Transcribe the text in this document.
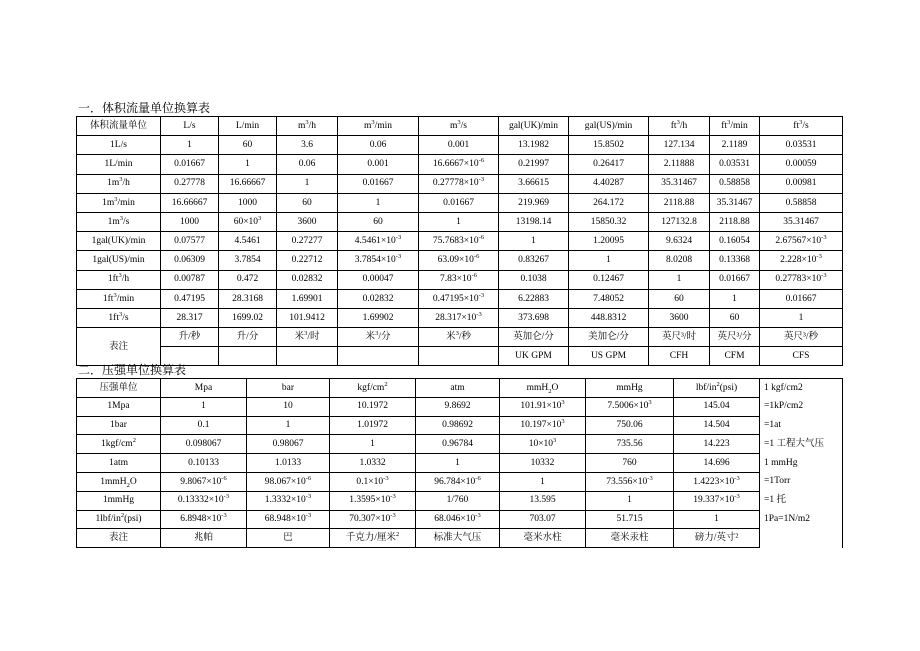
一．体积流量单位换算表
体积流量单位	L/s	L/min	$m^3/h$	$m^3/\min$	$m^3/s$	gal(UK)/min	gal(US)/min	$ft^3/h$	$ft^3/\min$	$ft^3/s$
1L/s	1	60	3.6	0.06	0.001	13.1982	15.8502	127.134	2.1189	0.03531
1L/min	0.01667	1	0.06	0.001	$16.6667\times 10^{-6}$	0.21997	0.26417	2.11888	0.03531	0.00059
$1m^3/h$	0.27778	16.66667	1	0.01667	$0.27778\times 10^{-3}$	3.66615	4.40287	35.31467	0.58858	0.00981
$1m^3/\min$	16.66667	1000	60	1	0.01667	219.969	264.172	2118.88	35.31467	0.58858
$1m^3/s$	1000	$60\times 10^3$	3600	60	1	13198.14	15850.32	127132.8	2118.88	35.31467
1gal(UK)/min	0.07577	4.5461	0.27277	$4.5461\times 10^{-3}$	$75.7683\times 10^{-6}$	1	1.20095	9.6324	0.16054	$2.67567\times 10^{-3}$
1gal(US)/min	0.06309	3.7854	0.22712	$3.7854\times 10^{-3}$	$63.09\times 10^{-6}$	0.83267	1	8.0208	0.13368	$2.228\times 10^{-3}$
$1ft^3/h$	0.00787	0.472	0.02832	0.00047	$7.83\times 10^{-6}$	0.1038	0.12467	1	0.01667	$0.27783\times 10^{-3}$
$1ft^3/\min$	0.47195	28.3168	1.69901	0.02832	$0.47195\times 10^{-3}$	6.22883	7.48052	60	1	0.01667
$1ft^3/s$	28.317	1699.02	101.9412	1.69902	$28.317\times 10^{-3}$	373.698	448.8312	3600	60	1
表注	升/秒	升/分	米$^3$/时	米$^3$/分	米$^3$/秒	英加仑/分	美加仑/分	英尺³/时	英尺³/分	英尺³/秒
						UK GPM	US GPM	CFH	CFM	CFS
二．压强单位换算表
压强单位	Mpa	bar	kgf/$cm^2$	atm	mmH$_2$O	mmHg	lbf/$in^2(psi)$	1 kgf/cm2
1Mpa	1	10	10.1972	9.8692	$101.91\times 10^3$	$7.5006\times 10^3$	145.04	=1kP/cm2
1bar	0.1	1	1.01972	0.98692	$10.197\times 10^3$	750.06	14.504	=1at
$1kgf/cm^2$	0.098067	0.98067	1	0.96784	$10\times 10^3$	735.56	14.223	=1 工程大气压
1atm	0.10133	1.0133	1.0332	1	10332	760	14.696	1 mmHg
1mmH$_2$O	$9.8067\times 10^{-6}$	$98.067\times 10^{-6}$	$0.1\times 10^{-3}$	$96.784\times 10^{-6}$	1	$73.556\times 10^{-3}$	$1.4223\times 10^{-3}$	=1Torr
1mmHg	$0.13332\times 10^{-3}$	$1.3332\times 10^{-3}$	$1.3595\times 10^{-3}$	1/760	13.595	1	$19.337\times 10^{-3}$	=1 托
$1lbf/in^2(psi)$	$6.8948\times 10^{-3}$	$68.948\times 10^{-3}$	$70.307\times 10^{-3}$	$68.046\times 10^{-3}$	703.07	51.715	1	1Pa=1N/m2
表注	兆帕	巴	千克力/厘米$^2$	标准大气压	毫米水柱	毫米汞柱	磅力/英寸²	
